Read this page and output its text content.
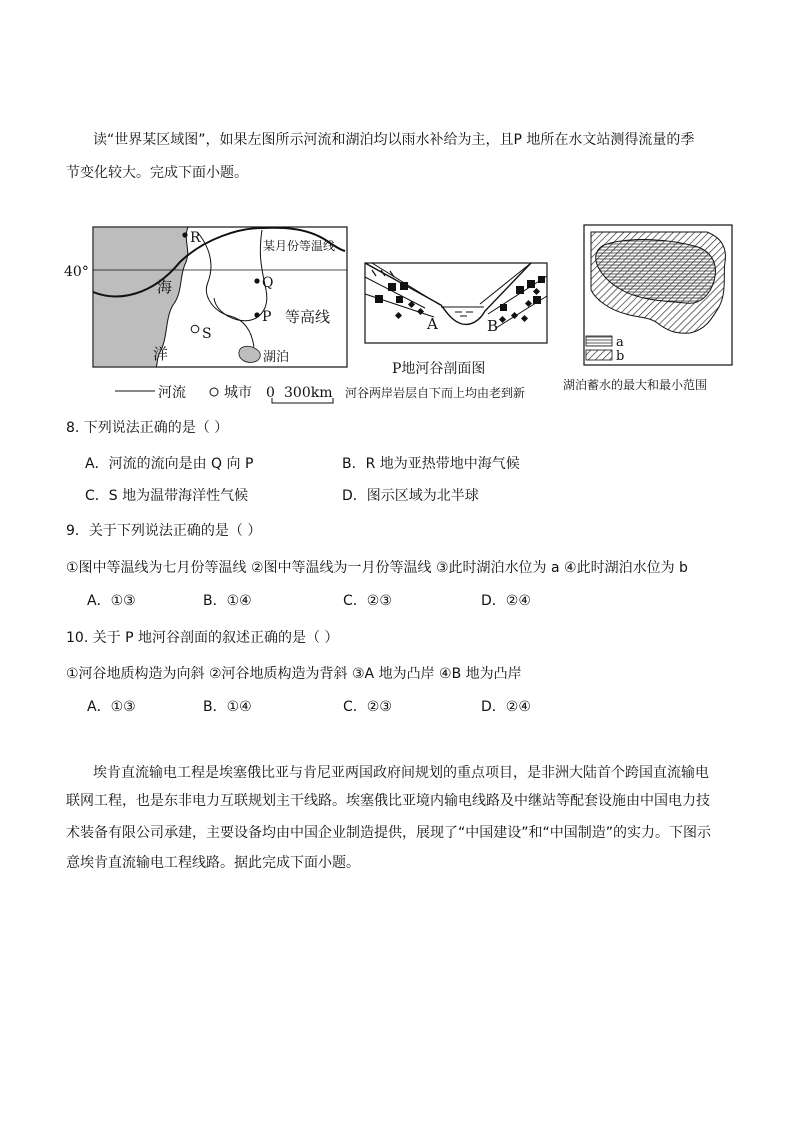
读“世界某区域图”，如果左图所示河流和湖泊均以雨水补给为主，且P 地所在水文站测得流量的季
节变化较大。完成下面小题。
40°
R
Q
P
S
某月份等温线
等高线
海
洋	湖泊
河流	城市 0 300km
A	B
P地河谷剖面图
河谷两岸岩层自下而上均由老到新
a
b
湖泊蓄水的最大和最小范围
8. 下列说法正确的是（ ）
A．河流的流向是由 Q 向 P	B．R 地为亚热带地中海气候
C．S 地为温带海洋性气候	D．图示区域为北半球
9．关于下列说法正确的是（ ）
①图中等温线为七月份等温线 ②图中等温线为一月份等温线 ③此时湖泊水位为 a ④此时湖泊水位为 b
A．①③	B．①④	C．②③	D．②④
10. 关于 P 地河谷剖面的叙述正确的是（ ）
①河谷地质构造为向斜 ②河谷地质构造为背斜 ③A 地为凸岸 ④B 地为凸岸
A．①③	B．①④	C．②③	D．②④
埃肯直流输电工程是埃塞俄比亚与肯尼亚两国政府间规划的重点项目，是非洲大陆首个跨国直流输电
联网工程，也是东非电力互联规划主干线路。埃塞俄比亚境内输电线路及中继站等配套设施由中国电力技
术装备有限公司承建，主要设备均由中国企业制造提供，展现了“中国建设”和“中国制造”的实力。下图示
意埃肯直流输电工程线路。据此完成下面小题。
